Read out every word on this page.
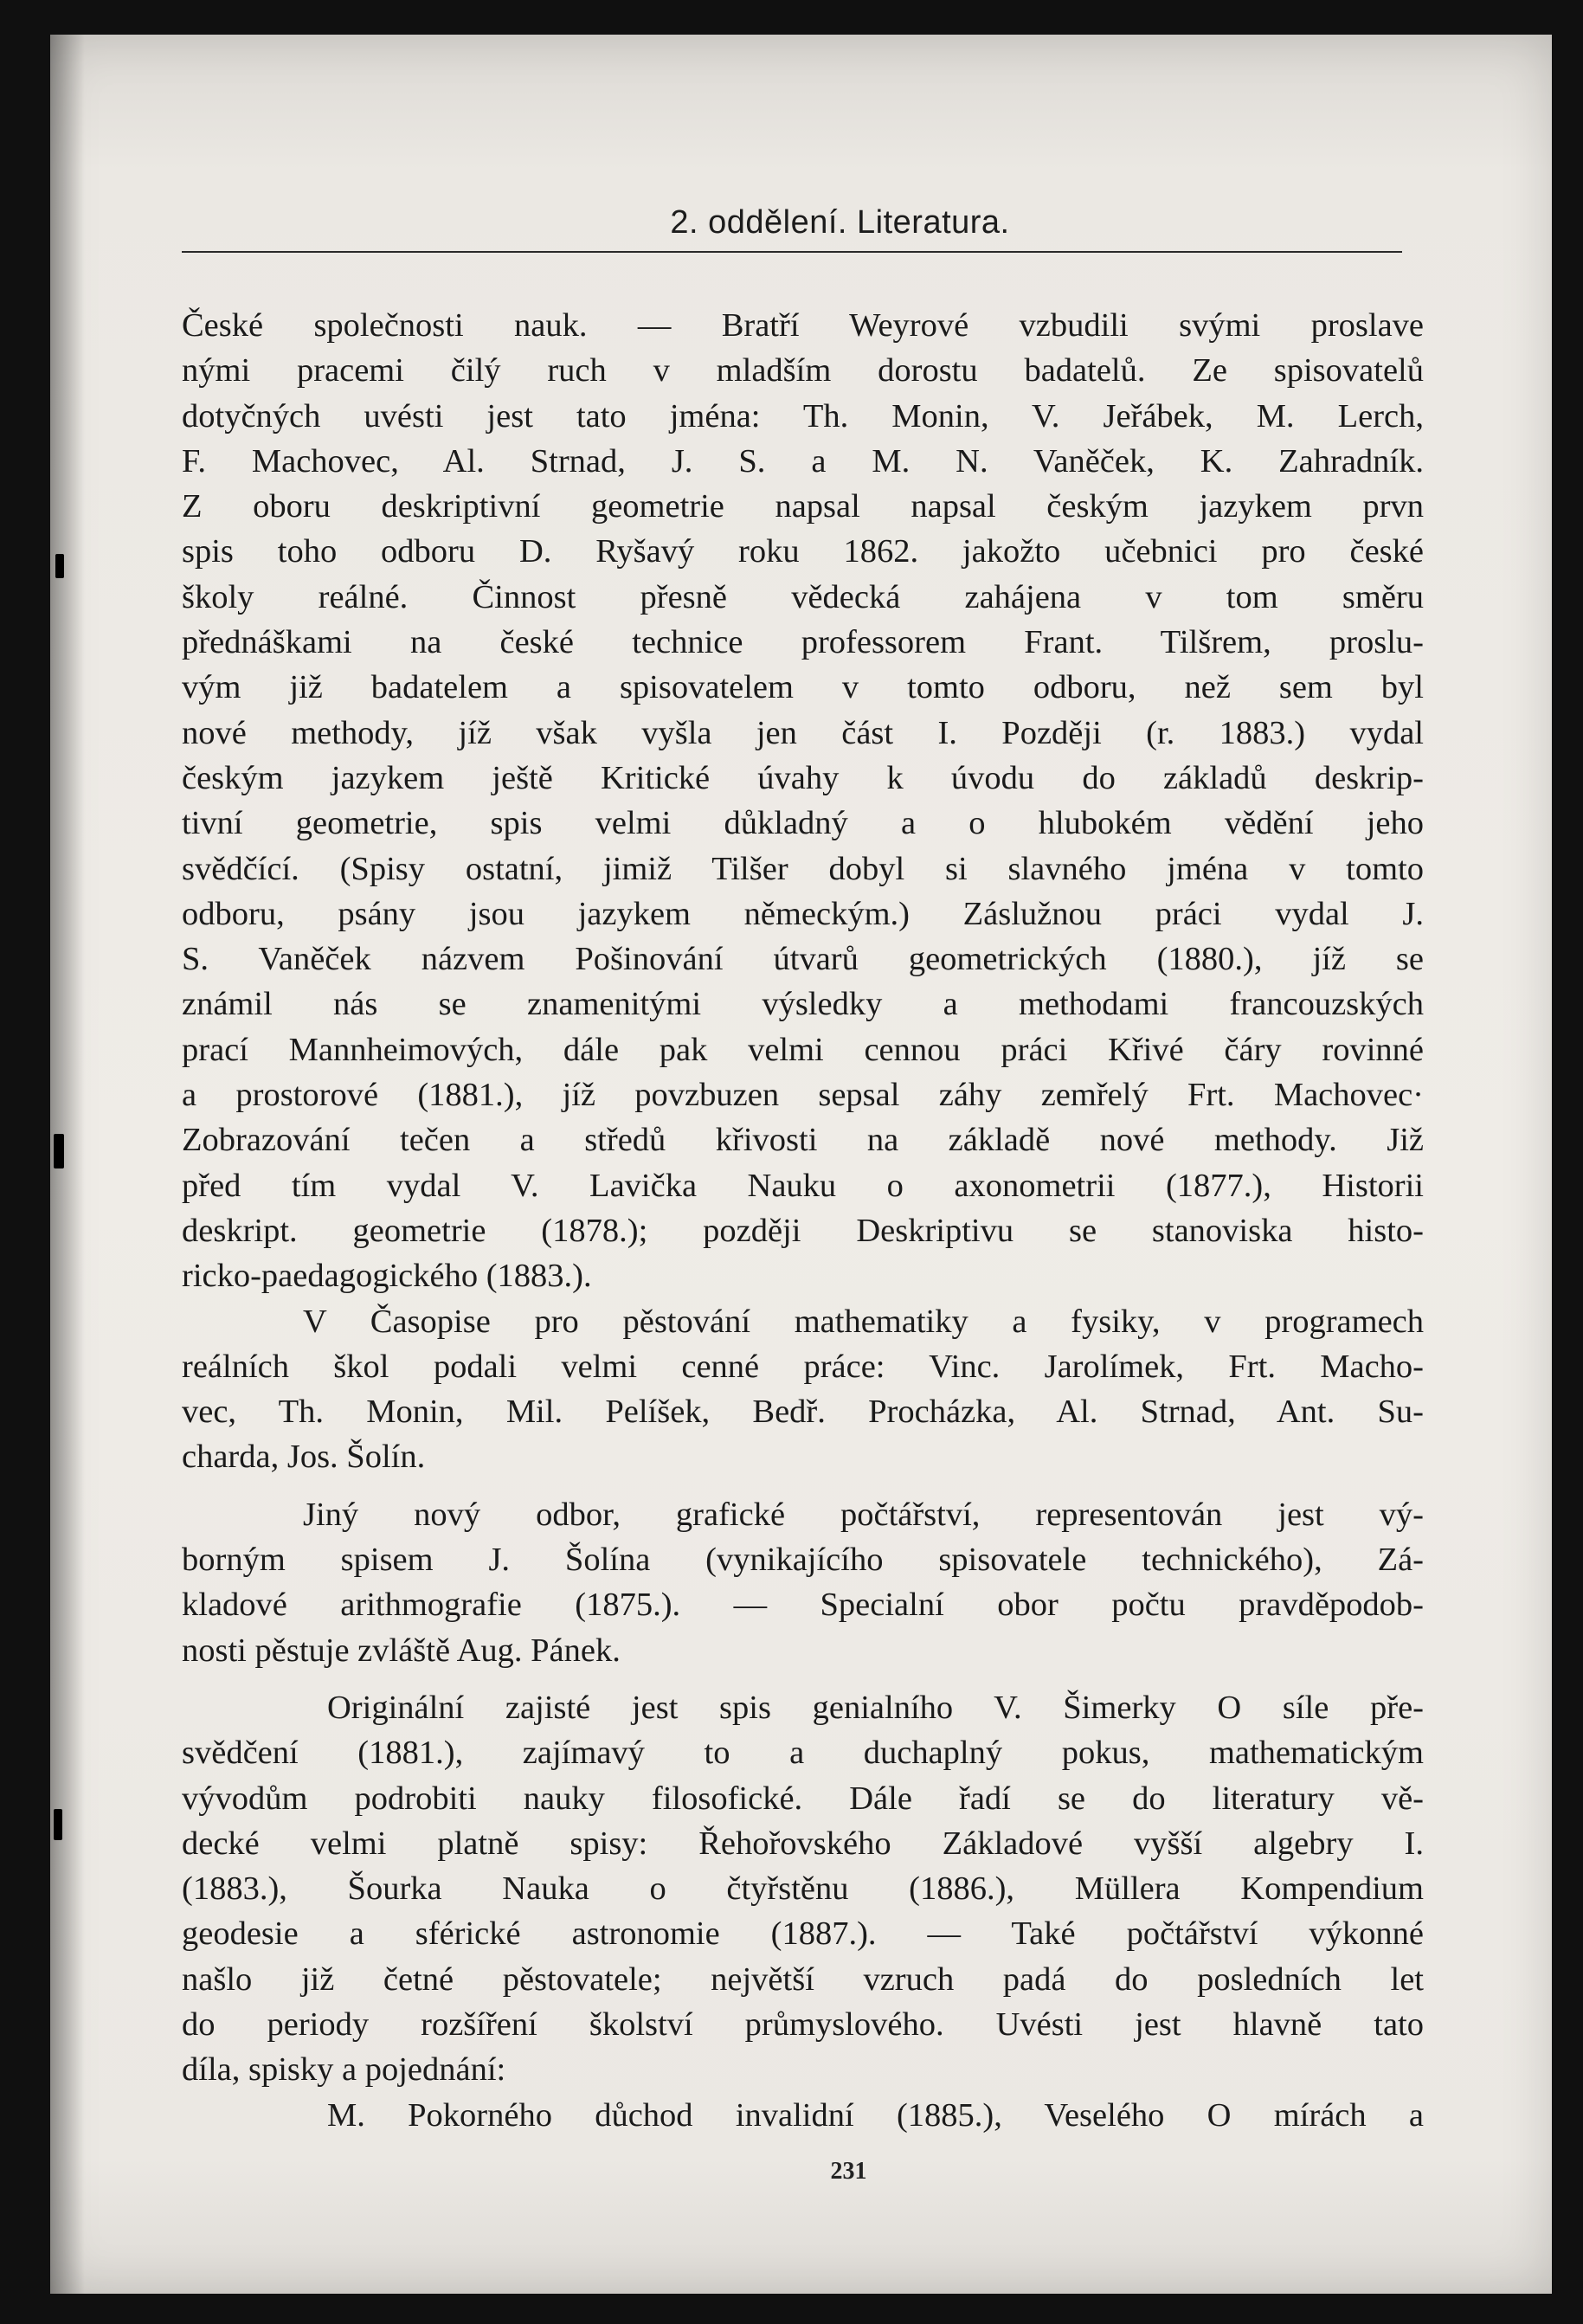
2. oddělení. Literatura.
České společnosti nauk. — Bratří Weyrové vzbudili svými proslave
nými pracemi čilý ruch v mladším dorostu badatelů. Ze spisovatelů
dotyčných uvésti jest tato jména: Th. Monin, V. Jeřábek, M. Lerch,
F. Machovec, Al. Strnad, J. S. a M. N. Vaněček, K. Zahradník.
Z oboru deskriptivní geometrie napsal napsal českým jazykem prvn
spis toho odboru D. Ryšavý roku 1862. jakožto učebnici pro české
školy reálné. Činnost přesně vědecká zahájena v tom směru
přednáškami na české technice professorem Frant. Tilšrem, proslu-
vým již badatelem a spisovatelem v tomto odboru, než sem byl
nové methody, jíž však vyšla jen část I. Později (r. 1883.) vydal
českým jazykem ještě Kritické úvahy k úvodu do základů deskrip-
tivní geometrie, spis velmi důkladný a o hlubokém vědění jeho
svědčící. (Spisy ostatní, jimiž Tilšer dobyl si slavného jména v tomto
odboru, psány jsou jazykem německým.) Záslužnou práci vydal J.
S. Vaněček názvem Pošinování útvarů geometrických (1880.), jíž se
známil nás se znamenitými výsledky a methodami francouzských
prací Mannheimových, dále pak velmi cennou práci Křivé čáry rovinné
a prostorové (1881.), jíž povzbuzen sepsal záhy zemřelý Frt. Machovec·
Zobrazování tečen a středů křivosti na základě nové methody. Již
před tím vydal V. Lavička Nauku o axonometrii (1877.), Historii
deskript. geometrie (1878.); později Deskriptivu se stanoviska histo-
ricko-paedagogického (1883.).
V Časopise pro pěstování mathematiky a fysiky, v programech
reálních škol podali velmi cenné práce: Vinc. Jarolímek, Frt. Macho-
vec, Th. Monin, Mil. Pelíšek, Bedř. Procházka, Al. Strnad, Ant. Su-
charda, Jos. Šolín.
Jiný nový odbor, grafické počtářství, representován jest vý-
borným spisem J. Šolína (vynikajícího spisovatele technického), Zá-
kladové arithmografie (1875.). — Specialní obor počtu pravděpodob-
nosti pěstuje zvláště Aug. Pánek.
Originální zajisté jest spis genialního V. Šimerky O síle pře-
svědčení (1881.), zajímavý to a duchaplný pokus, mathematickým
vývodům podrobiti nauky filosofické. Dále řadí se do literatury vě-
decké velmi platně spisy: Řehořovského Základové vyšší algebry I.
(1883.), Šourka Nauka o čtyřstěnu (1886.), Müllera Kompendium
geodesie a sférické astronomie (1887.). — Také počtářství výkonné
našlo již četné pěstovatele; největší vzruch padá do posledních let
do periody rozšíření školství průmyslového. Uvésti jest hlavně tato
díla, spisky a pojednání:
M. Pokorného důchod invalidní (1885.), Veselého O mírách a
231
